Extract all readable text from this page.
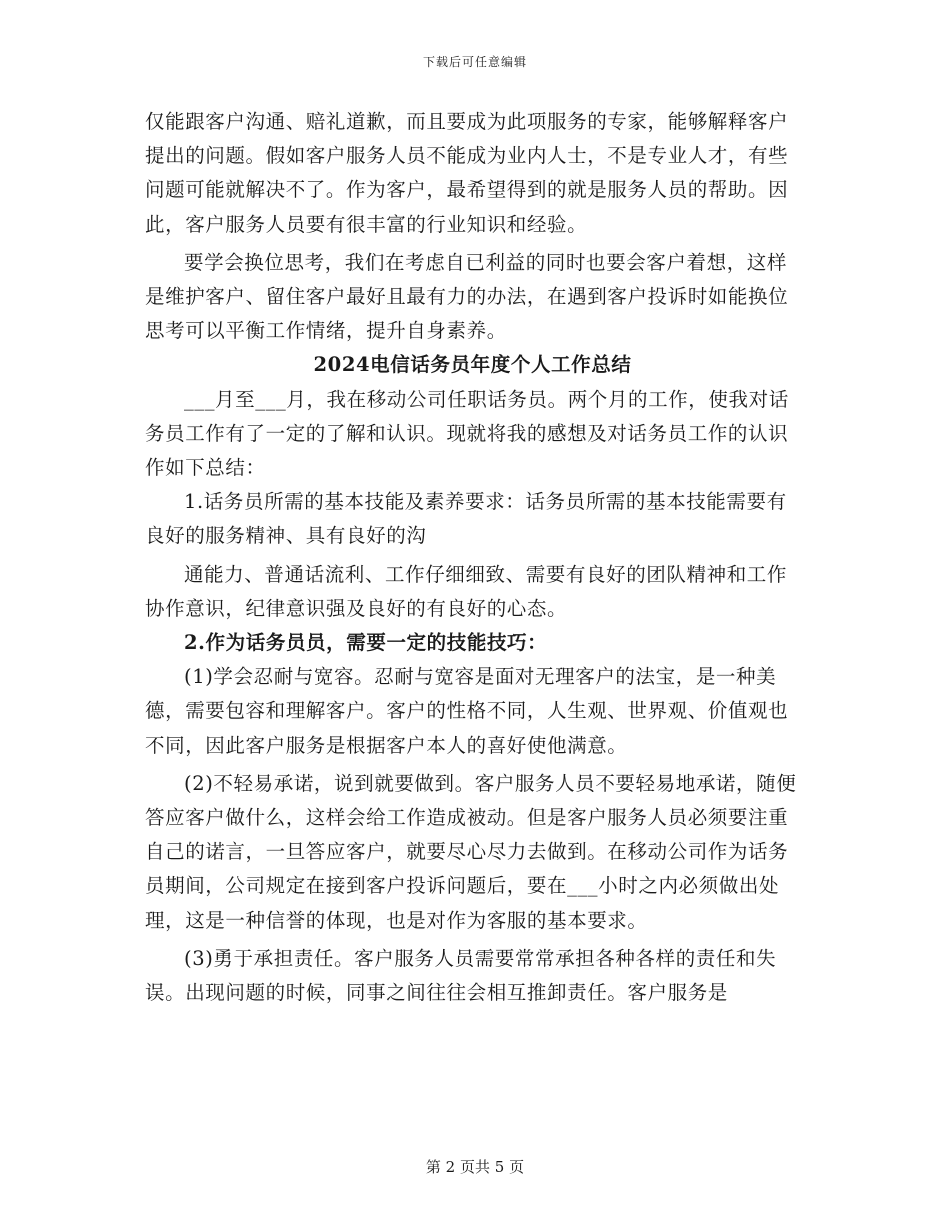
下载后可任意编辑

仅能跟客户沟通、赔礼道歉，而且要成为此项服务的专家，能够解释客户提出的问题。假如客户服务人员不能成为业内人士，不是专业人才，有些问题可能就解决不了。作为客户，最希望得到的就是服务人员的帮助。因此，客户服务人员要有很丰富的行业知识和经验。

要学会换位思考，我们在考虑自已利益的同时也要会客户着想，这样是维护客户、留住客户最好且最有力的办法，在遇到客户投诉时如能换位思考可以平衡工作情绪，提升自身素养。

2024电信话务员年度个人工作总结

___月至___月，我在移动公司任职话务员。两个月的工作，使我对话务员工作有了一定的了解和认识。现就将我的感想及对话务员工作的认识作如下总结：

1.话务员所需的基本技能及素养要求：话务员所需的基本技能需要有良好的服务精神、具有良好的沟

通能力、普通话流利、工作仔细细致、需要有良好的团队精神和工作协作意识，纪律意识强及良好的有良好的心态。

2.作为话务员员，需要一定的技能技巧：

(1)学会忍耐与宽容。忍耐与宽容是面对无理客户的法宝，是一种美德，需要包容和理解客户。客户的性格不同，人生观、世界观、价值观也不同，因此客户服务是根据客户本人的喜好使他满意。

(2)不轻易承诺，说到就要做到。客户服务人员不要轻易地承诺，随便答应客户做什么，这样会给工作造成被动。但是客户服务人员必须要注重自己的诺言，一旦答应客户，就要尽心尽力去做到。在移动公司作为话务员期间，公司规定在接到客户投诉问题后，要在___小时之内必须做出处理，这是一种信誉的体现，也是对作为客服的基本要求。

(3)勇于承担责任。客户服务人员需要常常承担各种各样的责任和失误。出现问题的时候，同事之间往往会相互推卸责任。客户服务是

第 2 页共 5 页
